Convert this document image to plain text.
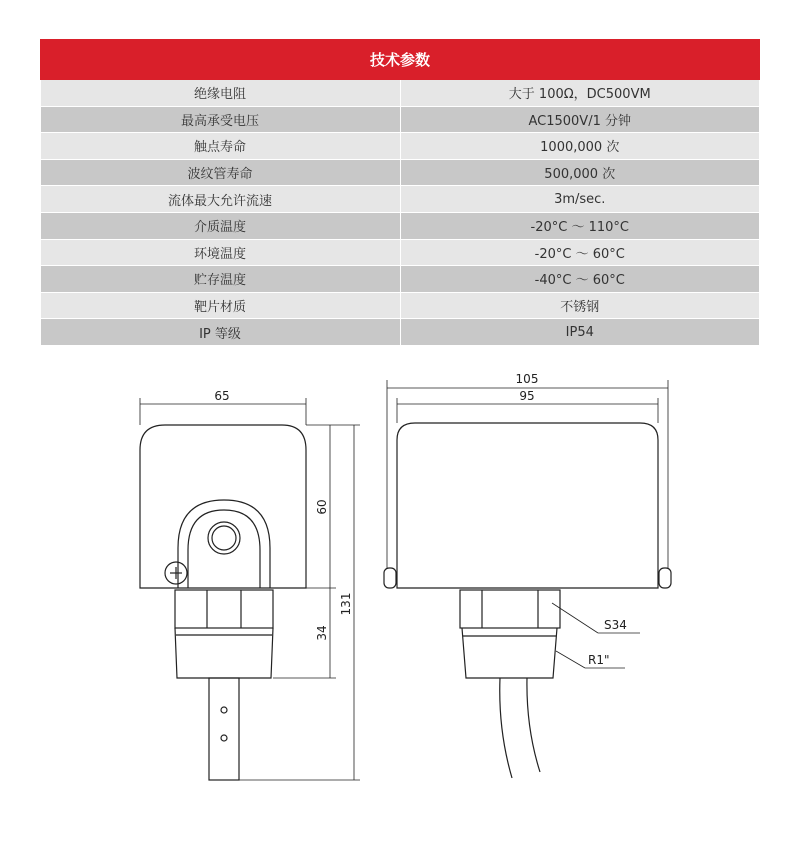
技术参数	
绝缘电阻	大于 100Ω，DC500VM
最高承受电压	AC1500V/1 分钟
触点寿命	1000,000 次
波纹管寿命	500,000 次
流体最大允许流速	3m/sec.
介质温度	-20°C ～ 110°C
环境温度	-20°C ～ 60°C
贮存温度	-40°C ～ 60°C
靶片材质	不锈钢
IP 等级	IP54
65
60
34
131
105
95
S34
R1"
